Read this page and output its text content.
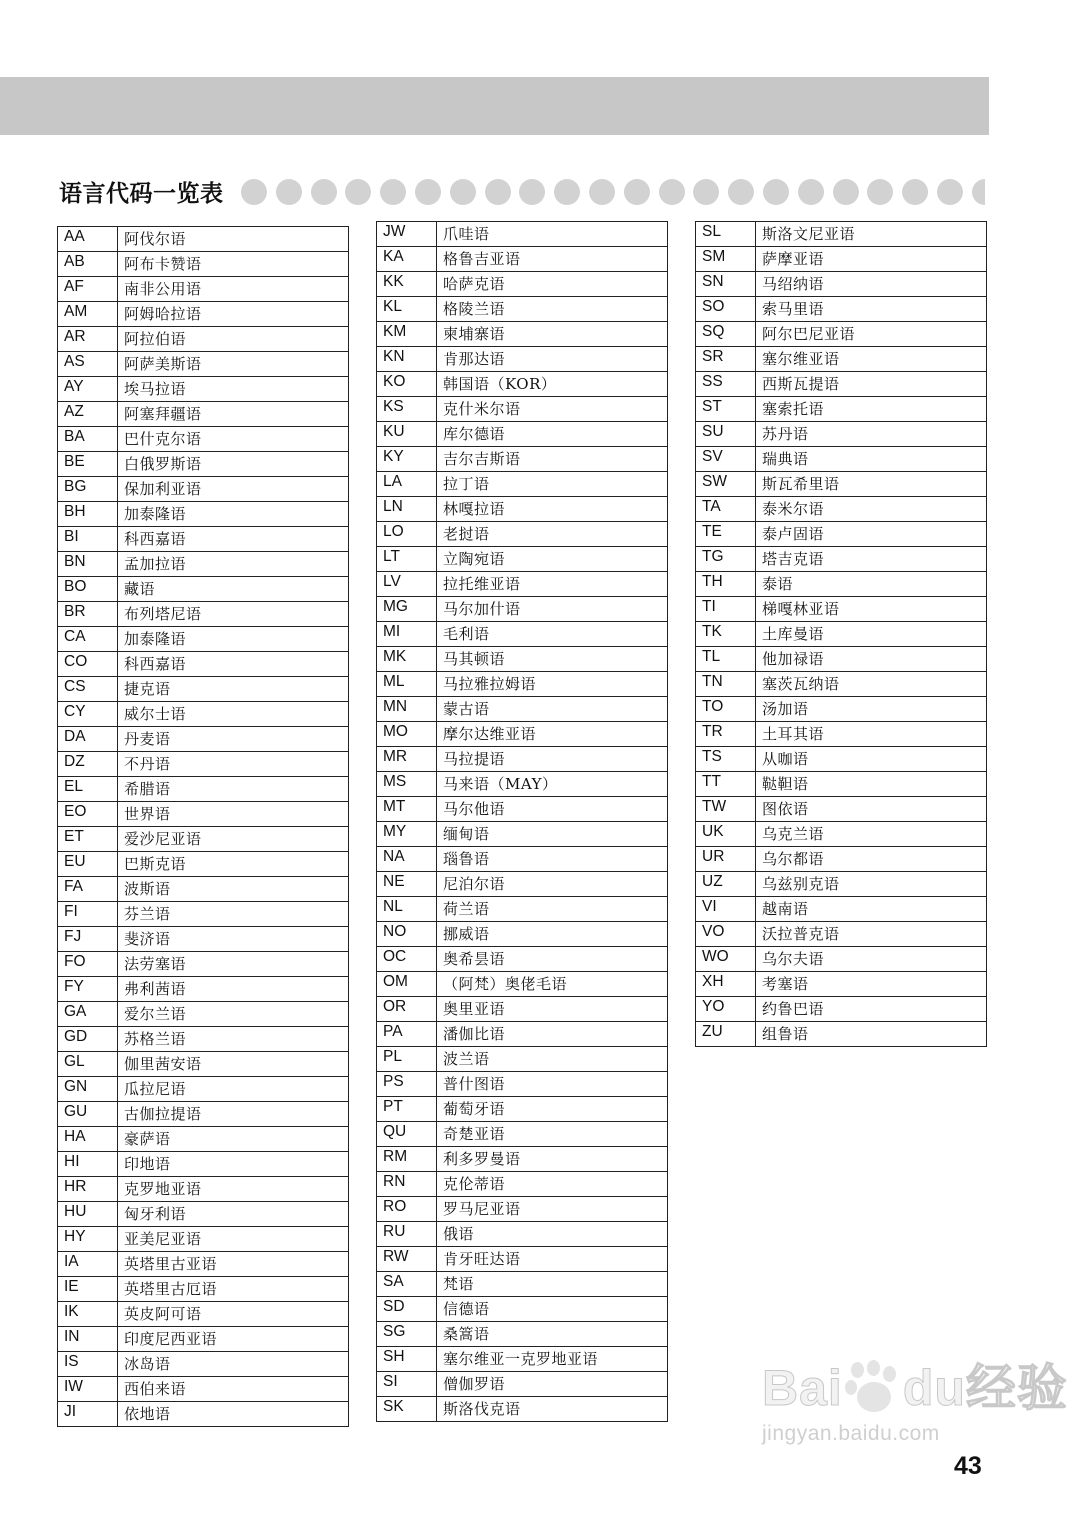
语言代码一览表
AA	阿伐尔语
AB	阿布卡赞语
AF	南非公用语
AM	阿姆哈拉语
AR	阿拉伯语
AS	阿萨美斯语
AY	埃马拉语
AZ	阿塞拜疆语
BA	巴什克尔语
BE	白俄罗斯语
BG	保加利亚语
BH	加泰隆语
BI	科西嘉语
BN	孟加拉语
BO	藏语
BR	布列塔尼语
CA	加泰隆语
CO	科西嘉语
CS	捷克语
CY	威尔士语
DA	丹麦语
DZ	不丹语
EL	希腊语
EO	世界语
ET	爱沙尼亚语
EU	巴斯克语
FA	波斯语
FI	芬兰语
FJ	斐济语
FO	法劳塞语
FY	弗利茜语
GA	爱尔兰语
GD	苏格兰语
GL	伽里茜安语
GN	瓜拉尼语
GU	古伽拉提语
HA	豪萨语
HI	印地语
HR	克罗地亚语
HU	匈牙利语
HY	亚美尼亚语
IA	英塔里古亚语
IE	英塔里古厄语
IK	英皮阿可语
IN	印度尼西亚语
IS	冰岛语
IW	西伯来语
JI	依地语
JW	爪哇语
KA	格鲁吉亚语
KK	哈萨克语
KL	格陵兰语
KM	柬埔寨语
KN	肯那达语
KO	韩国语（KOR）
KS	克什米尔语
KU	库尔德语
KY	吉尔吉斯语
LA	拉丁语
LN	林嘎拉语
LO	老挝语
LT	立陶宛语
LV	拉托维亚语
MG	马尔加什语
MI	毛利语
MK	马其顿语
ML	马拉雅拉姆语
MN	蒙古语
MO	摩尔达维亚语
MR	马拉提语
MS	马来语（MAY）
MT	马尔他语
MY	缅甸语
NA	瑙鲁语
NE	尼泊尔语
NL	荷兰语
NO	挪威语
OC	奥希昙语
OM	（阿梵）奥佬毛语
OR	奥里亚语
PA	潘伽比语
PL	波兰语
PS	普什图语
PT	葡萄牙语
QU	奇楚亚语
RM	利多罗曼语
RN	克伦蒂语
RO	罗马尼亚语
RU	俄语
RW	肯牙旺达语
SA	梵语
SD	信德语
SG	桑篙语
SH	塞尔维亚一克罗地亚语
SI	僧伽罗语
SK	斯洛伐克语
SL	斯洛文尼亚语
SM	萨摩亚语
SN	马绍纳语
SO	索马里语
SQ	阿尔巴尼亚语
SR	塞尔维亚语
SS	西斯瓦提语
ST	塞索托语
SU	苏丹语
SV	瑞典语
SW	斯瓦希里语
TA	泰米尔语
TE	泰卢固语
TG	塔吉克语
TH	泰语
TI	梯嘎林亚语
TK	土库曼语
TL	他加禄语
TN	塞茨瓦纳语
TO	汤加语
TR	土耳其语
TS	从咖语
TT	鞑靼语
TW	图依语
UK	乌克兰语
UR	乌尔都语
UZ	乌兹别克语
VI	越南语
VO	沃拉普克语
WO	乌尔夫语
XH	考塞语
YO	约鲁巴语
ZU	组鲁语
Bai du经验
jingyan.baidu.com
43
